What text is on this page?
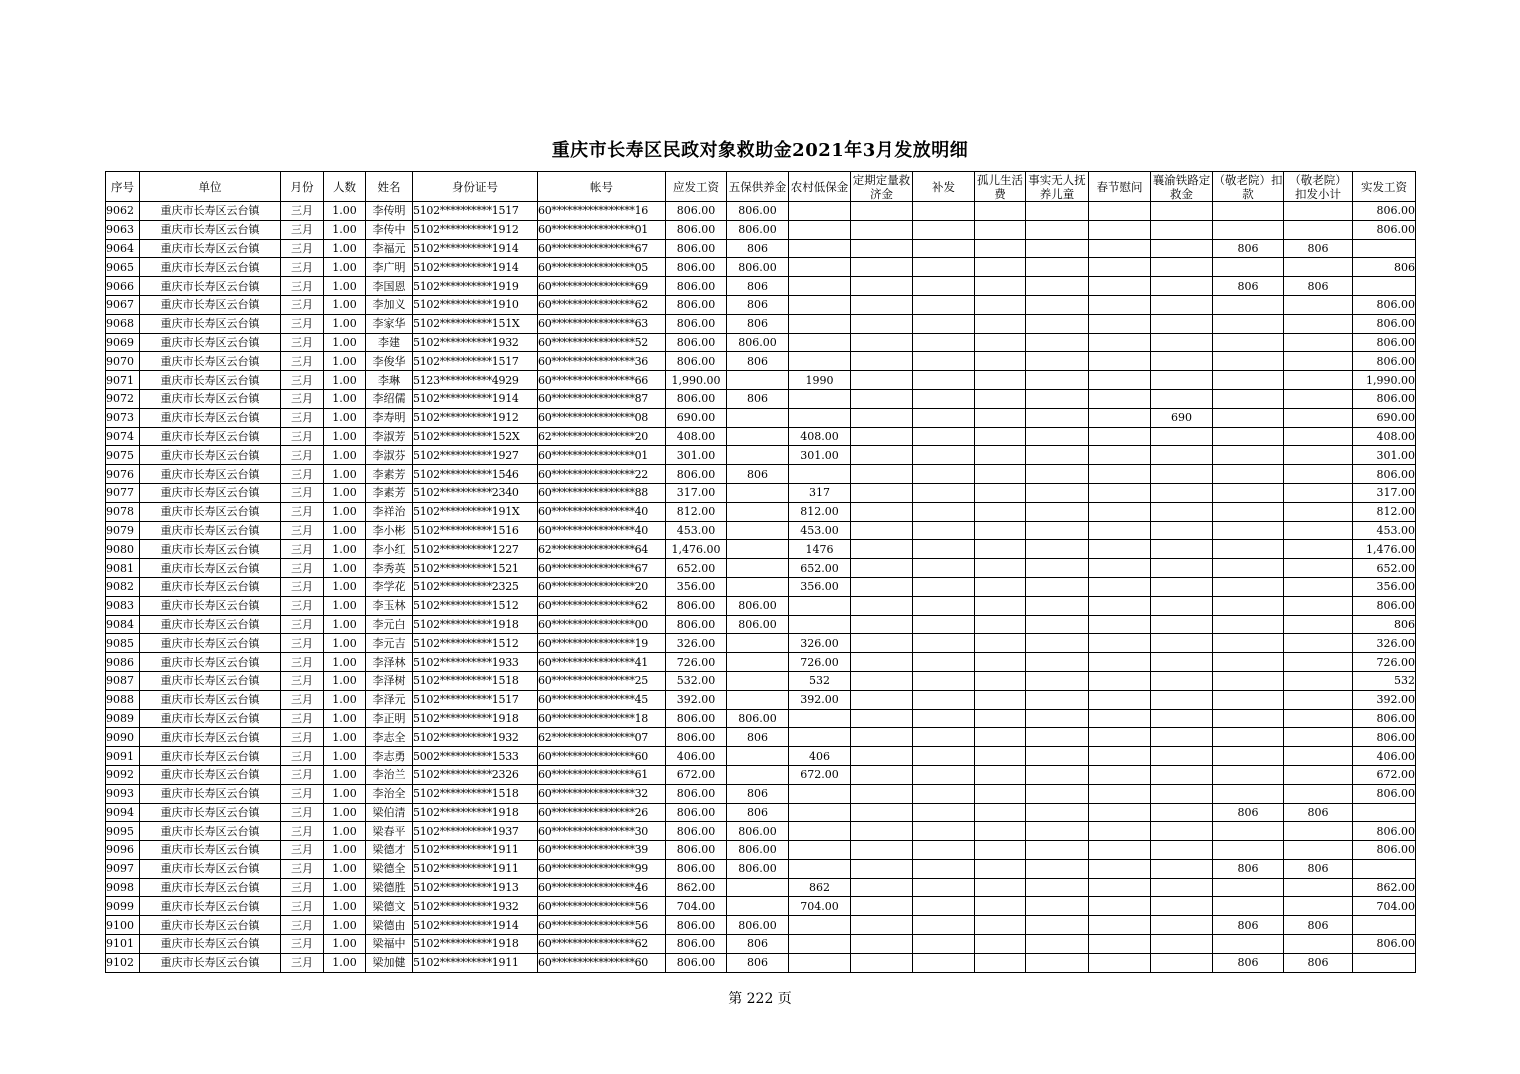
重庆市长寿区民政对象救助金2021年3月发放明细
序号	单位	月份	人数	姓名	身份证号	帐号	应发工资	五保供养金	农村低保金	定期定量救济金	补发	孤儿生活费	事实无人抚养儿童	春节慰问	襄渝铁路定救金	（敬老院）扣款	（敬老院）扣发小计	实发工资
9062	重庆市长寿区云台镇	三月	1.00	李传明	5102**********1517	60****************16	806.00	806.00										806.00
9063	重庆市长寿区云台镇	三月	1.00	李传中	5102**********1912	60****************01	806.00	806.00										806.00
9064	重庆市长寿区云台镇	三月	1.00	李福元	5102**********1914	60****************67	806.00	806								806	806	
9065	重庆市长寿区云台镇	三月	1.00	李广明	5102**********1914	60****************05	806.00	806.00										806
9066	重庆市长寿区云台镇	三月	1.00	李国恩	5102**********1919	60****************69	806.00	806								806	806	
9067	重庆市长寿区云台镇	三月	1.00	李加义	5102**********1910	60****************62	806.00	806										806.00
9068	重庆市长寿区云台镇	三月	1.00	李家华	5102**********151X	60****************63	806.00	806										806.00
9069	重庆市长寿区云台镇	三月	1.00	李建	5102**********1932	60****************52	806.00	806.00										806.00
9070	重庆市长寿区云台镇	三月	1.00	李俊华	5102**********1517	60****************36	806.00	806										806.00
9071	重庆市长寿区云台镇	三月	1.00	李琳	5123**********4929	60****************66	1,990.00		1990									1,990.00
9072	重庆市长寿区云台镇	三月	1.00	李绍儒	5102**********1914	60****************87	806.00	806										806.00
9073	重庆市长寿区云台镇	三月	1.00	李寿明	5102**********1912	60****************08	690.00								690			690.00
9074	重庆市长寿区云台镇	三月	1.00	李淑芳	5102**********152X	62****************20	408.00		408.00									408.00
9075	重庆市长寿区云台镇	三月	1.00	李淑芬	5102**********1927	60****************01	301.00		301.00									301.00
9076	重庆市长寿区云台镇	三月	1.00	李素芳	5102**********1546	60****************22	806.00	806										806.00
9077	重庆市长寿区云台镇	三月	1.00	李素芳	5102**********2340	60****************88	317.00		317									317.00
9078	重庆市长寿区云台镇	三月	1.00	李祥治	5102**********191X	60****************40	812.00		812.00									812.00
9079	重庆市长寿区云台镇	三月	1.00	李小彬	5102**********1516	60****************40	453.00		453.00									453.00
9080	重庆市长寿区云台镇	三月	1.00	李小红	5102**********1227	62****************64	1,476.00		1476									1,476.00
9081	重庆市长寿区云台镇	三月	1.00	李秀英	5102**********1521	60****************67	652.00		652.00									652.00
9082	重庆市长寿区云台镇	三月	1.00	李学花	5102**********2325	60****************20	356.00		356.00									356.00
9083	重庆市长寿区云台镇	三月	1.00	李玉林	5102**********1512	60****************62	806.00	806.00										806.00
9084	重庆市长寿区云台镇	三月	1.00	李元白	5102**********1918	60****************00	806.00	806.00										806
9085	重庆市长寿区云台镇	三月	1.00	李元吉	5102**********1512	60****************19	326.00		326.00									326.00
9086	重庆市长寿区云台镇	三月	1.00	李泽林	5102**********1933	60****************41	726.00		726.00									726.00
9087	重庆市长寿区云台镇	三月	1.00	李泽树	5102**********1518	60****************25	532.00		532									532
9088	重庆市长寿区云台镇	三月	1.00	李泽元	5102**********1517	60****************45	392.00		392.00									392.00
9089	重庆市长寿区云台镇	三月	1.00	李正明	5102**********1918	60****************18	806.00	806.00										806.00
9090	重庆市长寿区云台镇	三月	1.00	李志全	5102**********1932	62****************07	806.00	806										806.00
9091	重庆市长寿区云台镇	三月	1.00	李志勇	5002**********1533	60****************60	406.00		406									406.00
9092	重庆市长寿区云台镇	三月	1.00	李治兰	5102**********2326	60****************61	672.00		672.00									672.00
9093	重庆市长寿区云台镇	三月	1.00	李治全	5102**********1518	60****************32	806.00	806										806.00
9094	重庆市长寿区云台镇	三月	1.00	梁伯清	5102**********1918	60****************26	806.00	806								806	806	
9095	重庆市长寿区云台镇	三月	1.00	梁春平	5102**********1937	60****************30	806.00	806.00										806.00
9096	重庆市长寿区云台镇	三月	1.00	梁德才	5102**********1911	60****************39	806.00	806.00										806.00
9097	重庆市长寿区云台镇	三月	1.00	梁德全	5102**********1911	60****************99	806.00	806.00								806	806	
9098	重庆市长寿区云台镇	三月	1.00	梁德胜	5102**********1913	60****************46	862.00		862									862.00
9099	重庆市长寿区云台镇	三月	1.00	梁德文	5102**********1932	60****************56	704.00		704.00									704.00
9100	重庆市长寿区云台镇	三月	1.00	梁德由	5102**********1914	60****************56	806.00	806.00								806	806	
9101	重庆市长寿区云台镇	三月	1.00	梁福中	5102**********1918	60****************62	806.00	806										806.00
9102	重庆市长寿区云台镇	三月	1.00	梁加健	5102**********1911	60****************60	806.00	806								806	806	
第 222 页
